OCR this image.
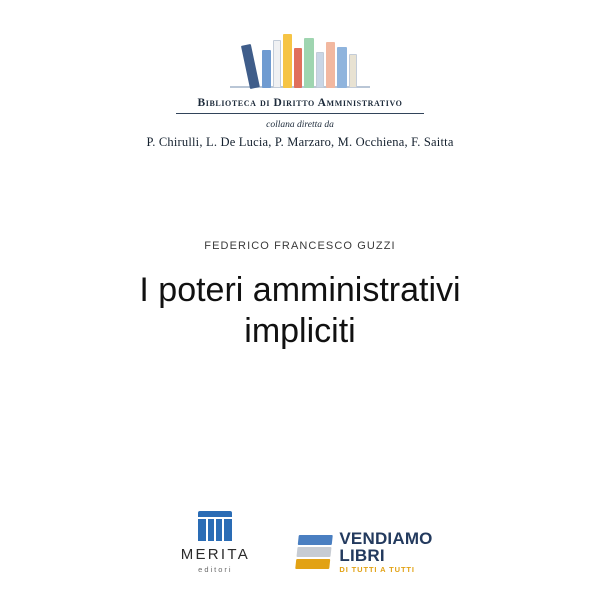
Biblioteca di Diritto Amministrativo
collana diretta da
P. Chirulli, L. De Lucia, P. Marzaro, M. Occhiena, F. Saitta
FEDERICO FRANCESCO GUZZI
I poteri amministrativi
impliciti
MERITA
editori
VENDIAMO
LIBRI
DI TUTTI A TUTTI
